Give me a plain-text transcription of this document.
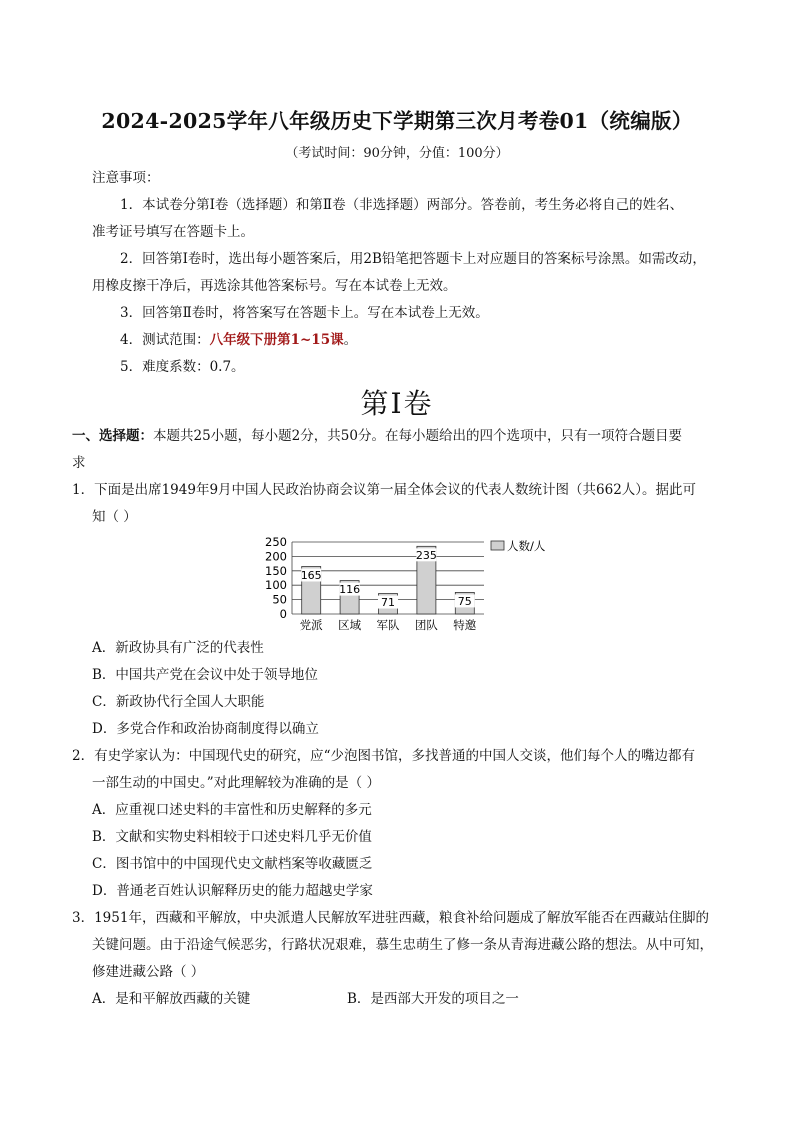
2024-2025学年八年级历史下学期第三次月考卷01（统编版）
（考试时间：90分钟，分值：100分）
注意事项：
1．本试卷分第Ⅰ卷（选择题）和第Ⅱ卷（非选择题）两部分。答卷前，考生务必将自己的姓名、
准考证号填写在答题卡上。
2．回答第Ⅰ卷时，选出每小题答案后，用2B铅笔把答题卡上对应题目的答案标号涂黑。如需改动，
用橡皮擦干净后，再选涂其他答案标号。写在本试卷上无效。
3．回答第Ⅱ卷时，将答案写在答题卡上。写在本试卷上无效。
4．测试范围：八年级下册第1~15课。
5．难度系数：0.7。
第Ⅰ卷
一、选择题：本题共25小题，每小题2分，共50分。在每小题给出的四个选项中，只有一项符合题目要
求
1．下面是出席1949年9月中国人民政治协商会议第一届全体会议的代表人数统计图（共662人）。据此可
知（ ）
0
50
100
150
200
250
165
116
71
235
75
党派 区域 军队 团队 特邀
人数/人
A．新政协具有广泛的代表性
B．中国共产党在会议中处于领导地位
C．新政协代行全国人大职能
D．多党合作和政治协商制度得以确立
2．有史学家认为：中国现代史的研究，应“少泡图书馆，多找普通的中国人交谈，他们每个人的嘴边都有
一部生动的中国史。”对此理解较为准确的是（ ）
A．应重视口述史料的丰富性和历史解释的多元
B．文献和实物史料相较于口述史料几乎无价值
C．图书馆中的中国现代史文献档案等收藏匮乏
D．普通老百姓认识解释历史的能力超越史学家
3．1951年，西藏和平解放，中央派遣人民解放军进驻西藏，粮食补给问题成了解放军能否在西藏站住脚的
关键问题。由于沿途气候恶劣，行路状况艰难，慕生忠萌生了修一条从青海进藏公路的想法。从中可知，
修建进藏公路（ ）
A．是和平解放西藏的关键	B．是西部大开发的项目之一
